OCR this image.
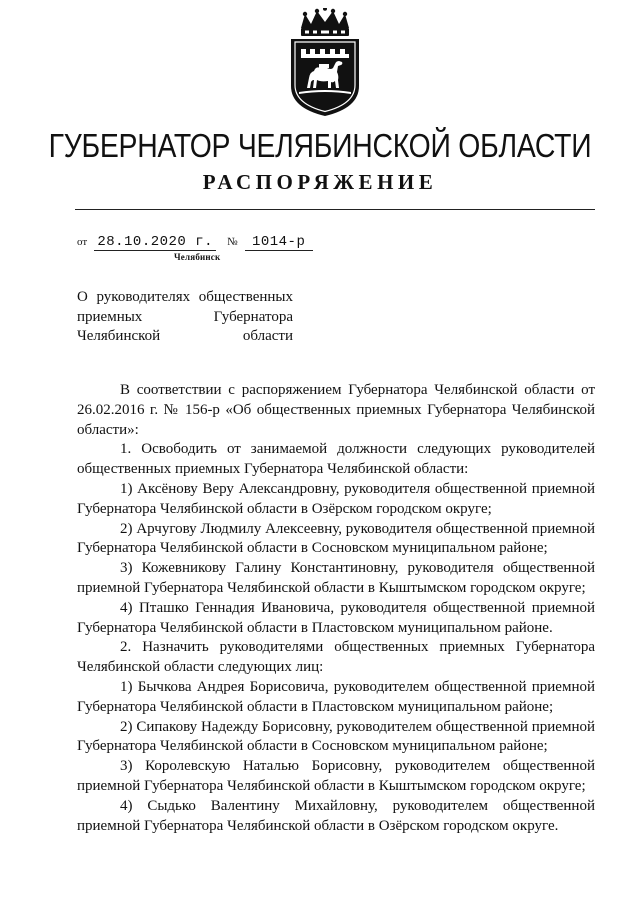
ГУБЕРНАТОР ЧЕЛЯБИНСКОЙ ОБЛАСТИ
РАСПОРЯЖЕНИЕ
от 28.10.2020 г. № 1014-р
Челябинск
О руководителях общественных
приемных Губернатора
Челябинской области

В соответствии с распоряжением Губернатора Челябинской области от 26.02.2016 г. № 156-р «Об общественных приемных Губернатора Челябинской области»:

1. Освободить от занимаемой должности следующих руководителей общественных приемных Губернатора Челябинской области:

1) Аксёнову Веру Александровну, руководителя общественной приемной Губернатора Челябинской области в Озёрском городском округе;

2) Арчугову Людмилу Алексеевну, руководителя общественной приемной Губернатора Челябинской области в Сосновском муниципальном районе;

3) Кожевникову Галину Константиновну, руководителя общественной приемной Губернатора Челябинской области в Кыштымском городском округе;

4) Пташко Геннадия Ивановича, руководителя общественной приемной Губернатора Челябинской области в Пластовском муниципальном районе.

2. Назначить руководителями общественных приемных Губернатора Челябинской области следующих лиц:

1) Бычкова Андрея Борисовича, руководителем общественной приемной Губернатора Челябинской области в Пластовском муниципальном районе;

2) Сипакову Надежду Борисовну, руководителем общественной приемной Губернатора Челябинской области в Сосновском муниципальном районе;

3) Королевскую Наталью Борисовну, руководителем общественной приемной Губернатора Челябинской области в Кыштымском городском округе;

4) Сыдько Валентину Михайловну, руководителем общественной приемной Губернатора Челябинской области в Озёрском городском округе.
